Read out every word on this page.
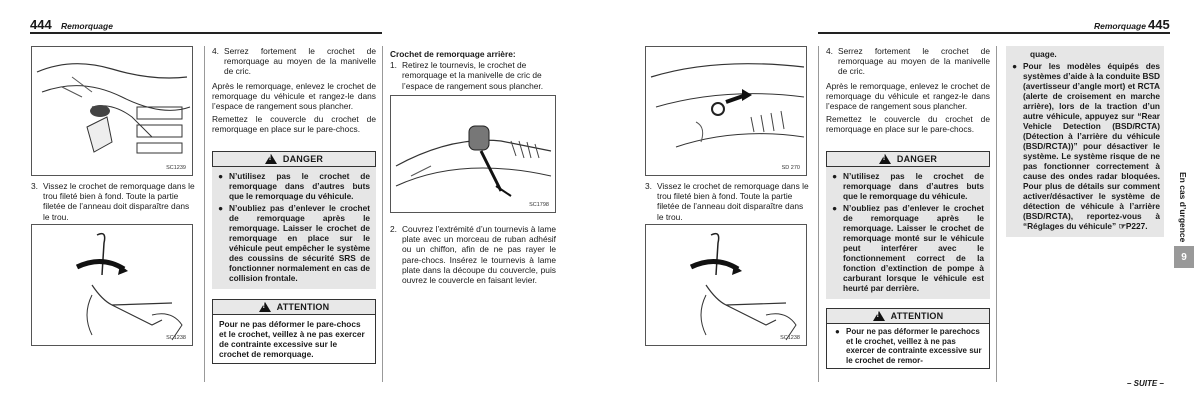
444 Remorquage
SC1239
3. Vissez le crochet de remorquage dans le trou fileté bien à fond. Toute la partie filetée de l’anneau doit disparaître dans le trou.
SC1238
4. Serrez fortement le crochet de remorquage au moyen de la manivelle de cric.

Après le remorquage, enlevez le crochet de remorquage du véhicule et rangez-le dans l’espace de rangement sous plancher.

Remettez le couvercle du crochet de remorquage en place sur le pare-chocs.

!
DANGER
● N’utilisez pas le crochet de remorquage dans d’autres buts que le remorquage du véhicule.
● N’oubliez pas d’enlever le crochet de remorquage après le remorquage. Laisser le crochet de remorquage en place sur le véhicule peut empêcher le système des coussins de sécurité SRS de fonctionner normalement en cas de collision frontale.
!
ATTENTION
Pour ne pas déformer le pare-chocs et le crochet, veillez à ne pas exercer de contrainte excessive sur le crochet de remorquage.

Crochet de remorquage arrière:

1. Retirez le tournevis, le crochet de remorquage et la manivelle de cric de l’espace de rangement sous plancher.
SC1798
2. Couvrez l’extrémité d’un tournevis à lame plate avec un morceau de ruban adhésif ou un chiffon, afin de ne pas rayer le pare-chocs. Insérez le tournevis à lame plate dans la découpe du couvercle, puis ouvrez le couvercle en faisant levier.
Remorquage 445
SD 270
3. Vissez le crochet de remorquage dans le trou fileté bien à fond. Toute la partie filetée de l’anneau doit disparaître dans le trou.
SC1238
4. Serrez fortement le crochet de remorquage au moyen de la manivelle de cric.

Après le remorquage, enlevez le crochet de remorquage du véhicule et rangez-le dans l’espace de rangement sous plancher.

Remettez le couvercle du crochet de remorquage en place sur le pare-chocs.

!
DANGER
● N’utilisez pas le crochet de remorquage dans d’autres buts que le remorquage du véhicule.
● N’oubliez pas d’enlever le crochet de remorquage après le remorquage. Laisser le crochet de remorquage monté sur le véhicule peut interférer avec le fonctionnement correct de la fonction d’extinction de pompe à carburant lorsque le véhicule est heurté par derrière.
!
ATTENTION
● Pour ne pas déformer le parechocs et le crochet, veillez à ne pas exercer de contrainte excessive sur le crochet de remor-

quage.

● Pour les modèles équipés des systèmes d’aide à la conduite BSD (avertisseur d’angle mort) et RCTA (alerte de croisement en marche arrière), lors de la traction d’un autre véhicule, appuyez sur “Rear Vehicle Detection (BSD/RCTA) (Détection à l’arrière du véhicule (BSD/RCTA))” pour désactiver le système. Le système risque de ne pas fonctionner correctement à cause des ondes radar bloquées. Pour plus de détails sur comment activer/désactiver le système de détection de véhicule à l’arrière (BSD/RCTA), reportez-vous à “Réglages du véhicule” ☞P227.	En cas d’urgence
9
– SUITE –
